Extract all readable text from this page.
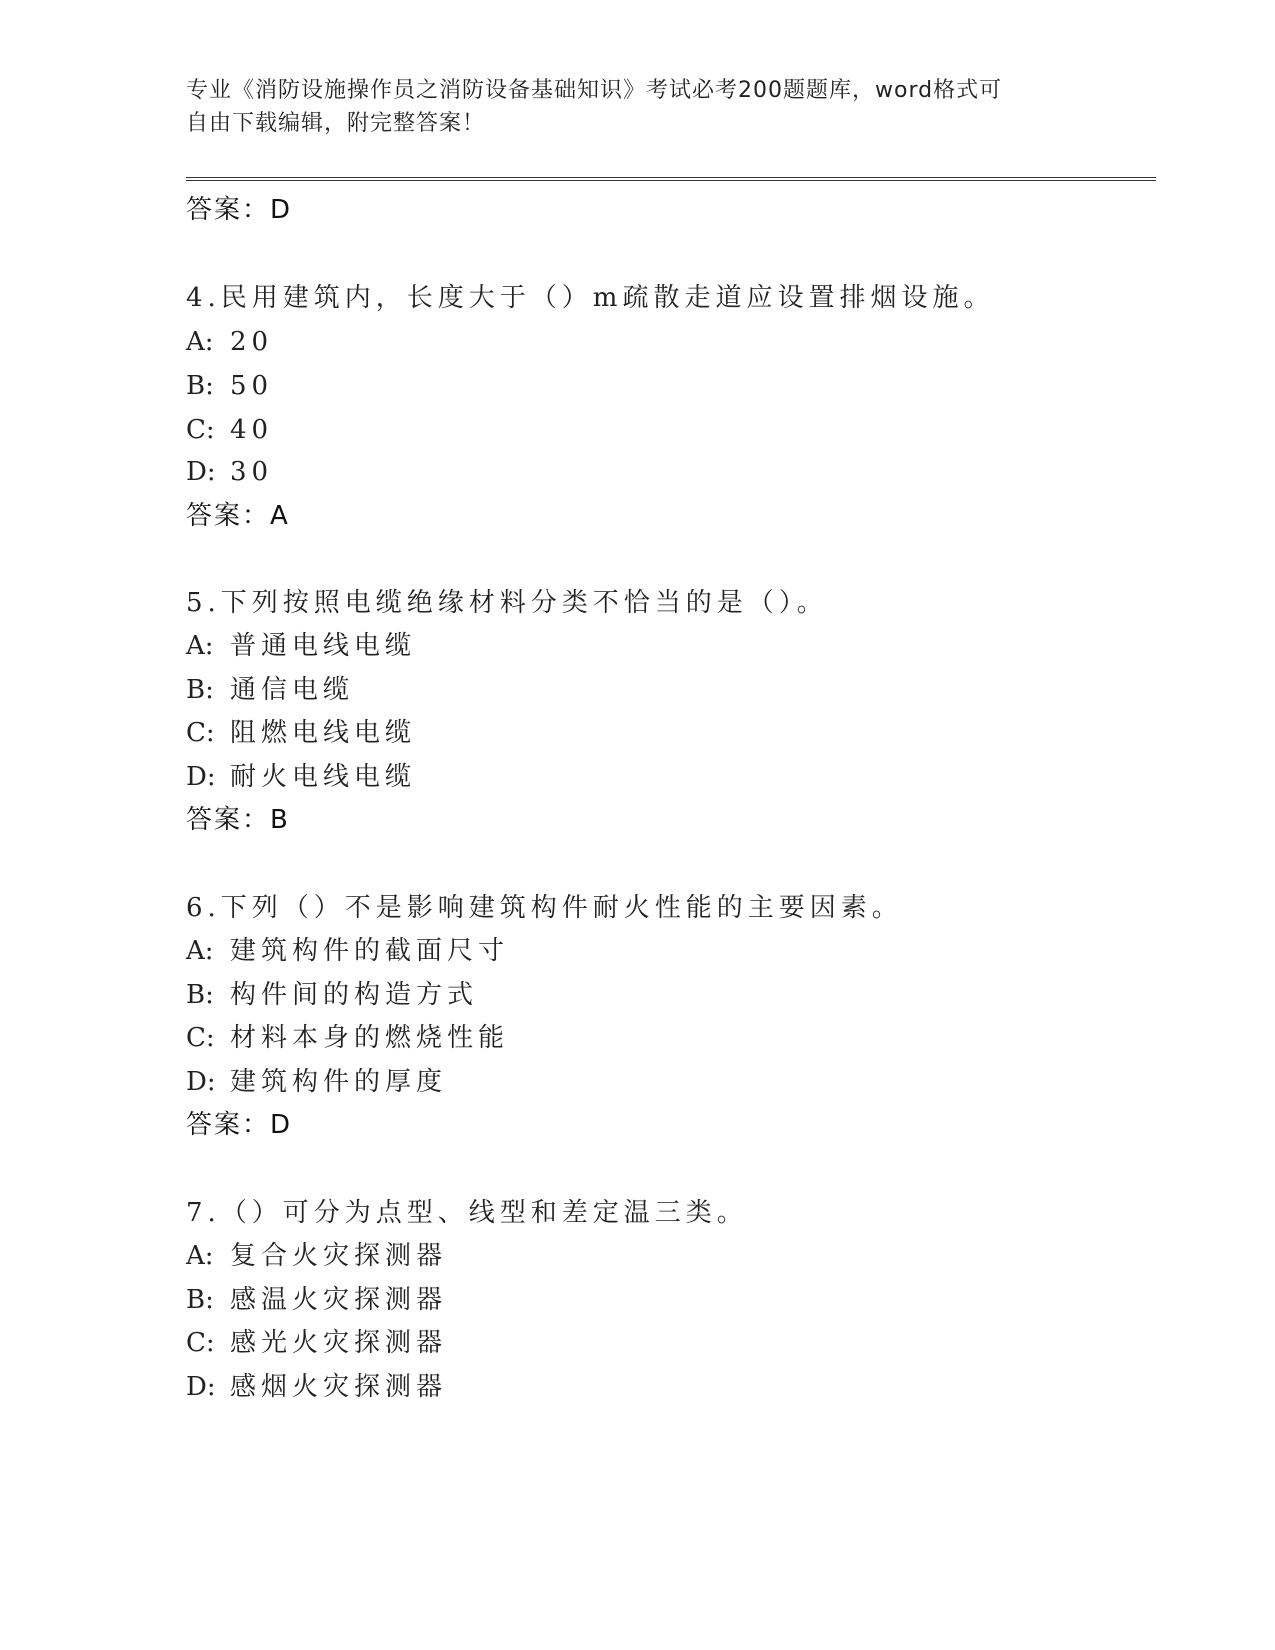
专业《消防设施操作员之消防设备基础知识》考试必考200题题库，word格式可
自由下载编辑，附完整答案！
答案：D
4.民用建筑内，长度大于（）m疏散走道应设置排烟设施。
A: 20
B: 50
C: 40
D: 30
答案：A
5.下列按照电缆绝缘材料分类不恰当的是（）。
A: 普通电线电缆
B: 通信电缆
C: 阻燃电线电缆
D: 耐火电线电缆
答案：B
6.下列（）不是影响建筑构件耐火性能的主要因素。
A: 建筑构件的截面尺寸
B: 构件间的构造方式
C: 材料本身的燃烧性能
D: 建筑构件的厚度
答案：D
7.（）可分为点型、线型和差定温三类。
A: 复合火灾探测器
B: 感温火灾探测器
C: 感光火灾探测器
D: 感烟火灾探测器
